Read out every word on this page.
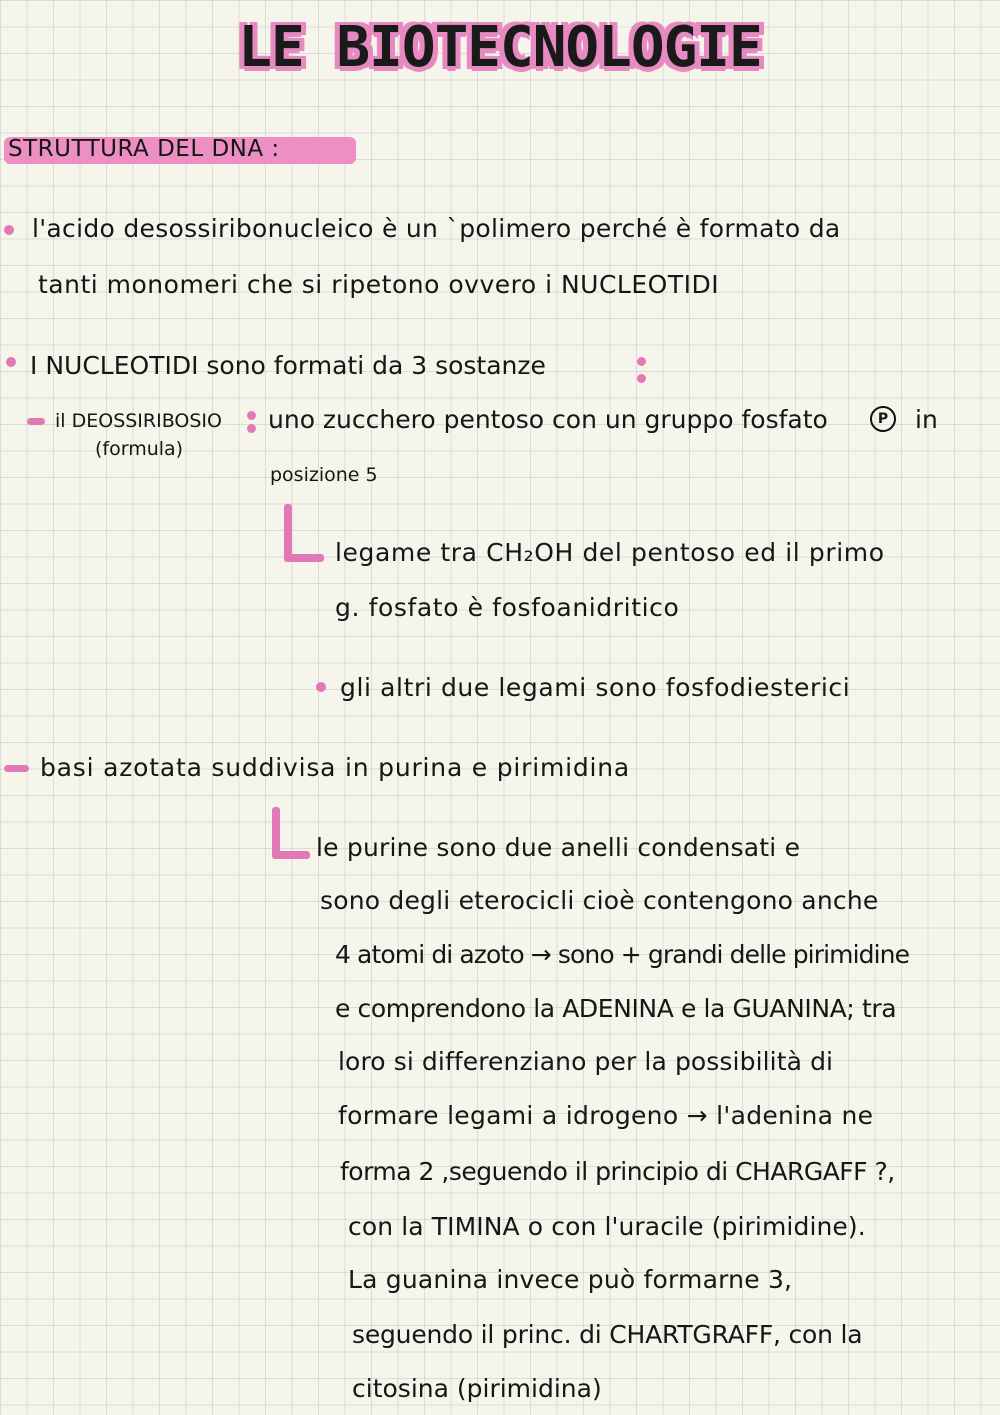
LE BIOTECNOLOGIE
STRUTTURA DEL DNA :
l'acido desossiribonucleico è un `polimero perché è formato da
tanti monomeri che si ripetono ovvero i NUCLEOTIDI
I NUCLEOTIDI sono formati da 3 sostanze
il DEOSSIRIBOSIO uno zucchero pentoso con un gruppo fosfato	P	in
(formula)
posizione 5
legame tra CH₂OH del pentoso ed il primo
g. fosfato è fosfoanidritico
gli altri due legami sono fosfodiesterici
basi azotata suddivisa in purina e pirimidina
le purine sono due anelli condensati e
sono degli eterocicli cioè contengono anche
4 atomi di azoto → sono + grandi delle pirimidine
e comprendono la ADENINA e la GUANINA; tra
loro si differenziano per la possibilità di
formare legami a idrogeno → l'adenina ne
forma 2 ,seguendo il principio di CHARGAFF ?,
con la TIMINA o con l'uracile (pirimidine).
La guanina invece può formarne 3,
seguendo il princ. di CHARTGRAFF, con la
citosina (pirimidina)
